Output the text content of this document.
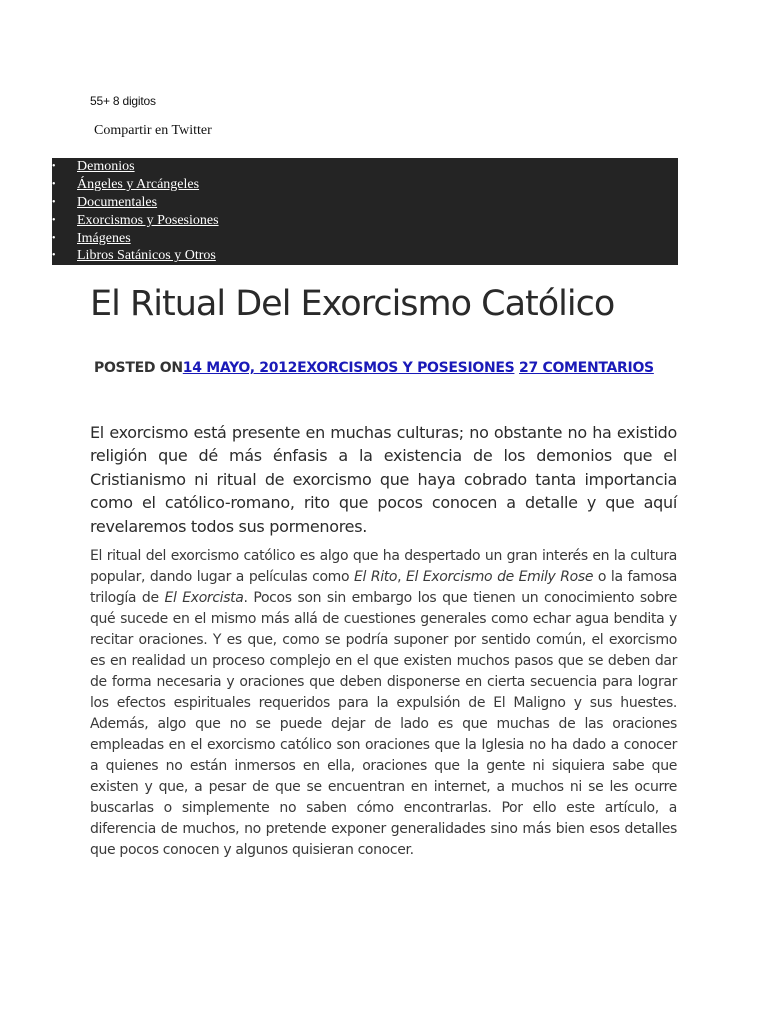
55+ 8 digitos
Compartir en Twitter
• Demonios
• Ángeles y Arcángeles
• Documentales
• Exorcismos y Posesiones
• Imágenes
• Libros Satánicos y Otros
El Ritual Del Exorcismo Católico
POSTED ON14 MAYO, 2012EXORCISMOS Y POSESIONES 27 COMENTARIOS

El exorcismo está presente en muchas culturas; no obstante no ha existido religión que dé más énfasis a la existencia de los demonios que el Cristianismo ni ritual de exorcismo que haya cobrado tanta importancia como el católico-romano, rito que pocos conocen a detalle y que aquí revelaremos todos sus pormenores.

El ritual del exorcismo católico es algo que ha despertado un gran interés en la cultura popular, dando lugar a películas como El Rito, El Exorcismo de Emily Rose o la famosa trilogía de El Exorcista. Pocos son sin embargo los que tienen un conocimiento sobre qué sucede en el mismo más allá de cuestiones generales como echar agua bendita y recitar oraciones. Y es que, como se podría suponer por sentido común, el exorcismo es en realidad un proceso complejo en el que existen muchos pasos que se deben dar de forma necesaria y oraciones que deben disponerse en cierta secuencia para lograr los efectos espirituales requeridos para la expulsión de El Maligno y sus huestes. Además, algo que no se puede dejar de lado es que muchas de las oraciones empleadas en el exorcismo católico son oraciones que la Iglesia no ha dado a conocer a quienes no están inmersos en ella, oraciones que la gente ni siquiera sabe que existen y que, a pesar de que se encuentran en internet, a muchos ni se les ocurre buscarlas o simplemente no saben cómo encontrarlas. Por ello este artículo, a diferencia de muchos, no pretende exponer generalidades sino más bien esos detalles que pocos conocen y algunos quisieran conocer.
